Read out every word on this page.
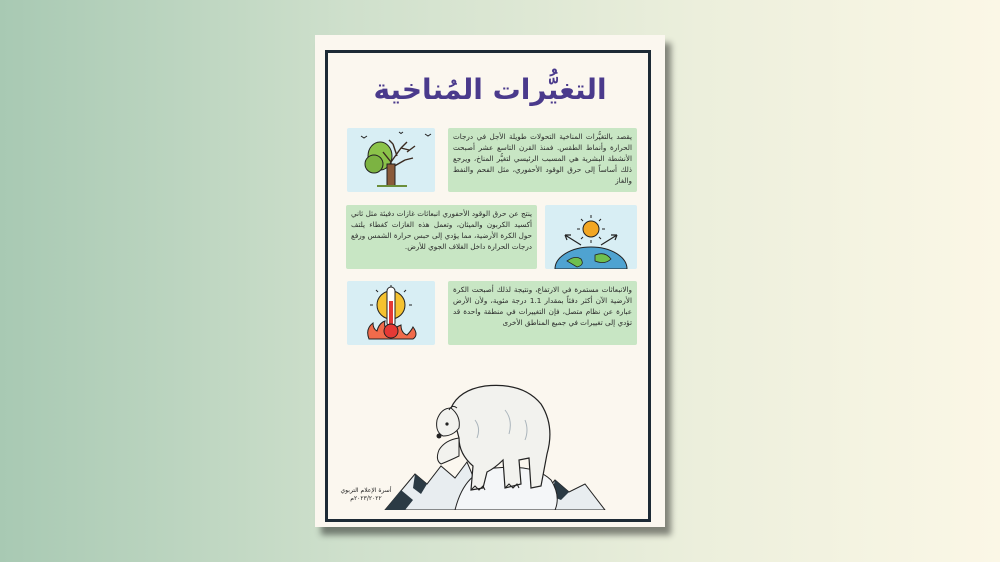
التغيُّرات المُناخية
يقصد بالتغيُّرات المناخية التحولات طويلة الأجل في درجات الحرارة وأنماط الطقس. فمنذ القرن التاسع عشر أصبحت الأنشطة البشرية هي المسبب الرئيسي لتغيُّر المناخ، ويرجع ذلك أساساً إلى حرق الوقود الأحفوري، مثل الفحم والنفط والغاز
ينتج عن حرق الوقود الأحفوري انبعاثات غازات دفيئة مثل ثاني أكسيد الكربون والميثان، وتعمل هذه الغازات كغطاء يلتف حول الكرة الأرضية، مما يؤدي إلى حبس حرارة الشمس ورفع درجات الحرارة داخل الغلاف الجوي للأرض.
والانبعاثات مستمرة في الارتفاع، ونتيجة لذلك أصبحت الكرة الأرضية الآن أكثر دفئاً بمقدار 1.1 درجة مئوية، ولأن الأرض عبارة عن نظام متصل، فإن التغييرات في منطقة واحدة قد تؤدي إلى تغييرات في جميع المناطق الأخرى
أسرة الإعلام التربوي
٢٠٢٣/٢٠٢٢م
